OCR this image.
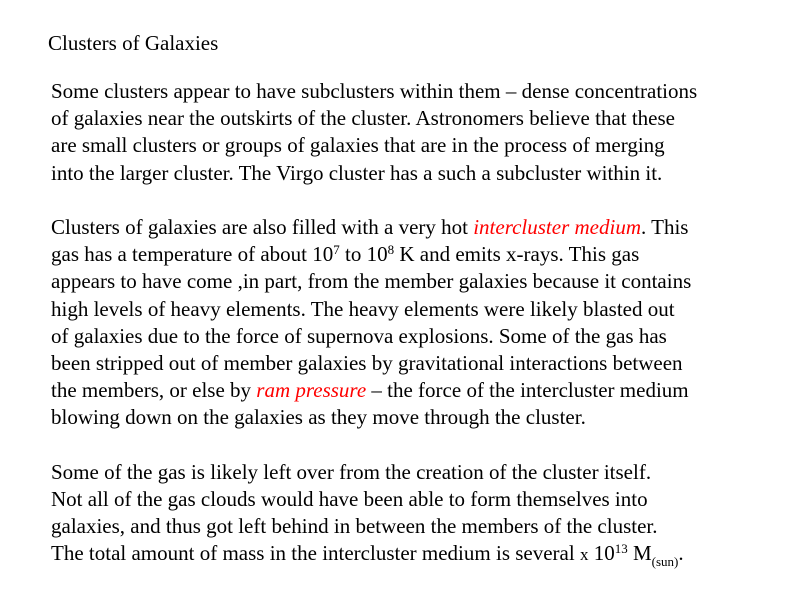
Clusters of Galaxies

Some clusters appear to have subclusters within them – dense concentrations
of galaxies near the outskirts of the cluster. Astronomers believe that these
are small clusters or groups of galaxies that are in the process of merging
into the larger cluster. The Virgo cluster has a such a subcluster within it.

Clusters of galaxies are also filled with a very hot intercluster medium. This
gas has a temperature of about $10^7$ to $10^8$ K and emits x-rays. This gas
appears to have come ,in part, from the member galaxies because it contains
high levels of heavy elements. The heavy elements were likely blasted out
of galaxies due to the force of supernova explosions. Some of the gas has
been stripped out of member galaxies by gravitational interactions between
the members, or else by ram pressure – the force of the intercluster medium
blowing down on the galaxies as they move through the cluster.

Some of the gas is likely left over from the creation of the cluster itself.
Not all of the gas clouds would have been able to form themselves into
galaxies, and thus got left behind in between the members of the cluster.
The total amount of mass in the intercluster medium is several x $10^{13}$ $M_{(sun)}$.
